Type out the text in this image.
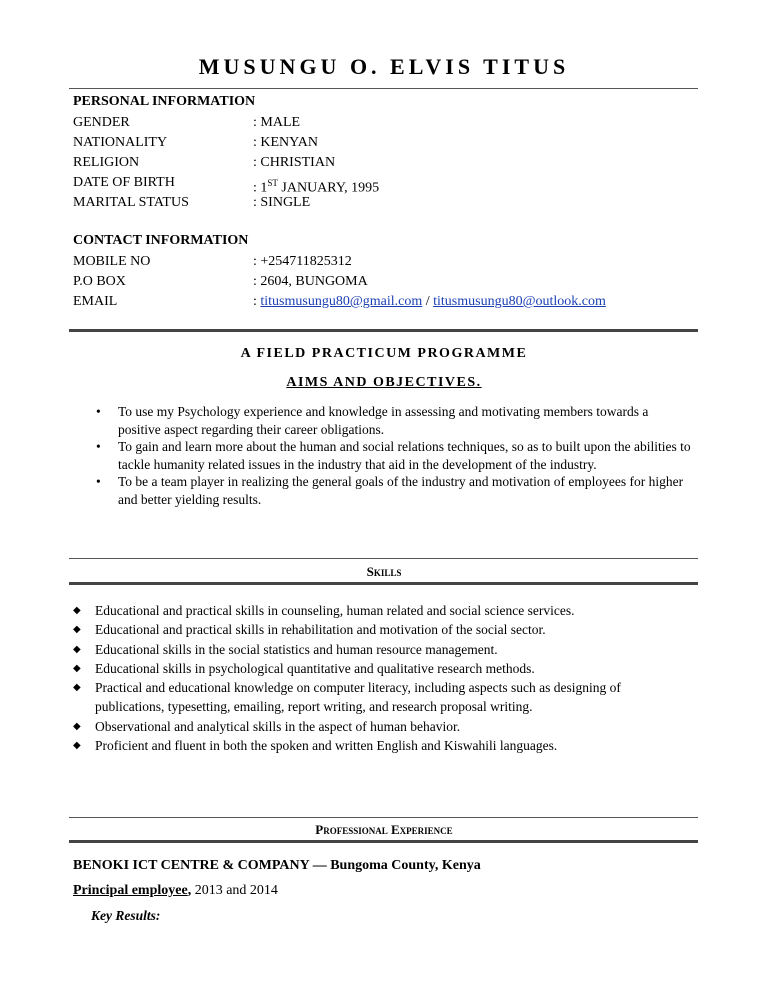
MUSUNGU O. ELVIS TITUS
PERSONAL INFORMATION
GENDER	: MALE
NATIONALITY	: KENYAN
RELIGION	: CHRISTIAN
DATE OF BIRTH	: 1ST JANUARY, 1995
MARITAL STATUS	: SINGLE
CONTACT INFORMATION
MOBILE NO	: +254711825312
P.O BOX	: 2604, BUNGOMA
EMAIL	: titusmusungu80@gmail.com / titusmusungu80@outlook.com
A FIELD PRACTICUM PROGRAMME
AIMS AND OBJECTIVES.
• To use my Psychology experience and knowledge in assessing and motivating members towards a positive aspect regarding their career obligations.
• To gain and learn more about the human and social relations techniques, so as to built upon the abilities to tackle humanity related issues in the industry that aid in the development of the industry.
• To be a team player in realizing the general goals of the industry and motivation of employees for higher and better yielding results.
Skills
◆ Educational and practical skills in counseling, human related and social science services.
◆ Educational and practical skills in rehabilitation and motivation of the social sector.
◆ Educational skills in the social statistics and human resource management.
◆ Educational skills in psychological quantitative and qualitative research methods.
◆ Practical and educational knowledge on computer literacy, including aspects such as designing of publications, typesetting, emailing, report writing, and research proposal writing.
◆ Observational and analytical skills in the aspect of human behavior.
◆ Proficient and fluent in both the spoken and written English and Kiswahili languages.
Professional Experience
BENOKI ICT CENTRE & COMPANY — Bungoma County, Kenya
Principal employee, 2013 and 2014
Key Results:
